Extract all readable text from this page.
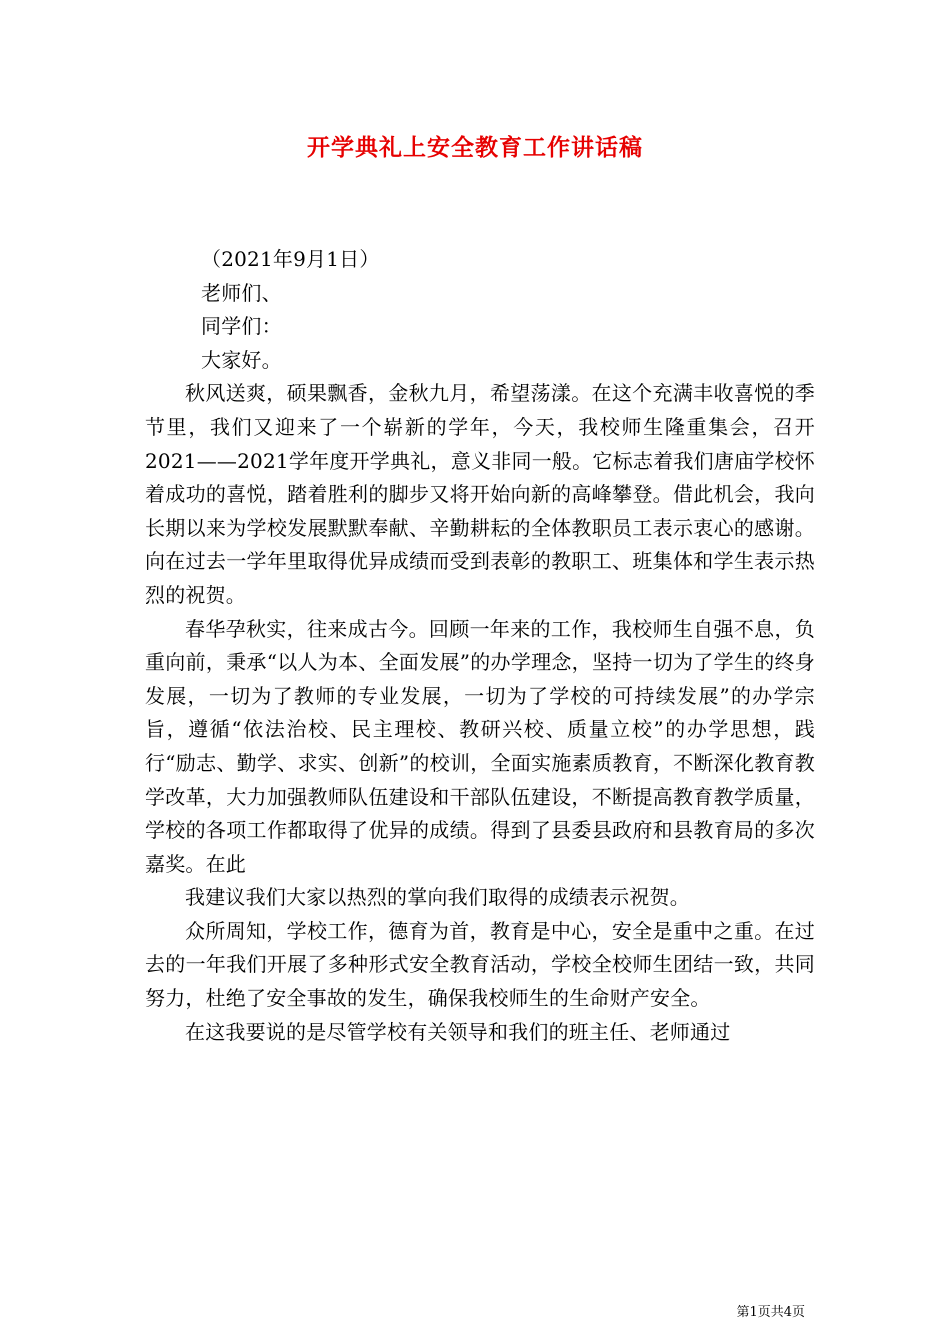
开学典礼上安全教育工作讲话稿

（2021年9月1日）

老师们、

同学们：

大家好。

秋风送爽，硕果飘香，金秋九月，希望荡漾。在这个充满丰收喜悦的季节里，我们又迎来了一个崭新的学年，今天，我校师生隆重集会，召开2021——2021学年度开学典礼，意义非同一般。它标志着我们唐庙学校怀着成功的喜悦，踏着胜利的脚步又将开始向新的高峰攀登。借此机会，我向长期以来为学校发展默默奉献、辛勤耕耘的全体教职员工表示衷心的感谢。向在过去一学年里取得优异成绩而受到表彰的教职工、班集体和学生表示热烈的祝贺。

春华孕秋实，往来成古今。回顾一年来的工作，我校师生自强不息，负重向前，秉承“以人为本、全面发展”的办学理念，坚持一切为了学生的终身发展，一切为了教师的专业发展，一切为了学校的可持续发展”的办学宗旨，遵循“依法治校、民主理校、教研兴校、质量立校”的办学思想，践行“励志、勤学、求实、创新”的校训，全面实施素质教育，不断深化教育教学改革，大力加强教师队伍建设和干部队伍建设，不断提高教育教学质量，学校的各项工作都取得了优异的成绩。得到了县委县政府和县教育局的多次嘉奖。在此

我建议我们大家以热烈的掌向我们取得的成绩表示祝贺。

众所周知，学校工作，德育为首，教育是中心，安全是重中之重。在过去的一年我们开展了多种形式安全教育活动，学校全校师生团结一致，共同努力，杜绝了安全事故的发生，确保我校师生的生命财产安全。

在这我要说的是尽管学校有关领导和我们的班主任、老师通过

第1页共4页
